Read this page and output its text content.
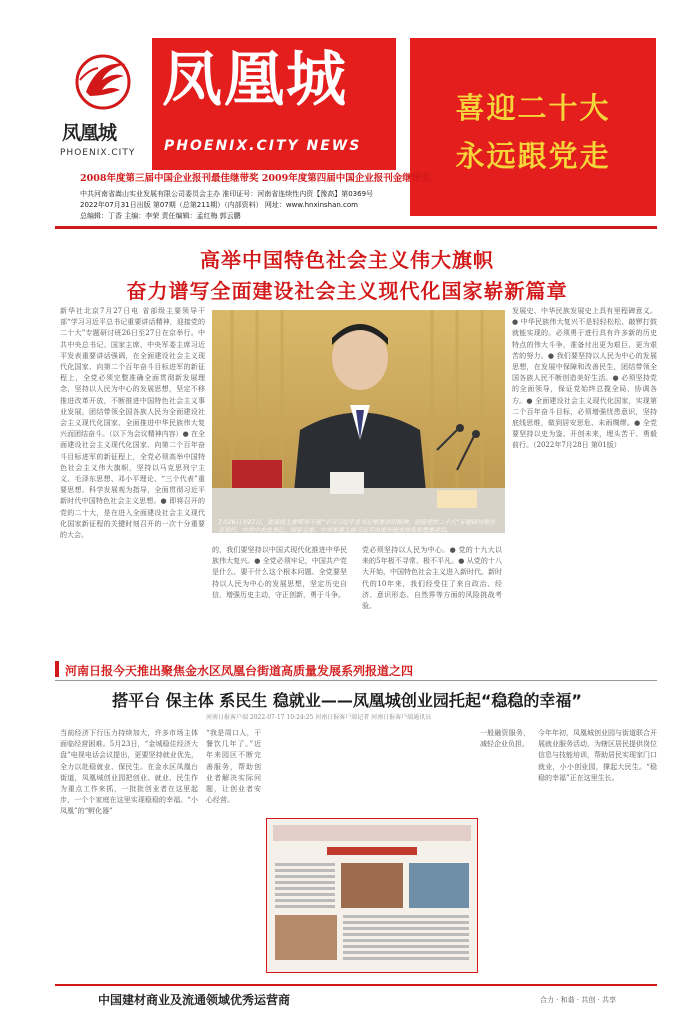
凤凰城
PHOENIX.CITY
凤凰城
PHOENIX.CITY NEWS
喜迎二十大
永远跟党走
2008年度第三届中国企业报刊最佳继带奖 2009年度第四届中国企业报刊金继带奖
中共河南省嵩山实业发展有限公司委员会主办 准印证号：河南省连续性内资【豫高】第0369号
2022年07月31日出版 第07期（总第211期）（内部资料） 网址：www.hnxinshan.com
总编辑：丁香 主编：李荣 责任编辑：孟红梅 郭云鹏
高举中国特色社会主义伟大旗帜
奋力谱写全面建设社会主义现代化国家崭新篇章
新华社北京7月27日电 省部级主要领导干部“学习习近平总书记重要讲话精神，迎接党的二十大”专题研讨班26日至27日在京举行。中共中央总书记、国家主席、中央军委主席习近平发表重要讲话强调，在全面建设社会主义现代化国家、向第二个百年奋斗目标进军的新征程上，全党必须完整准确全面贯彻新发展理念，坚持以人民为中心的发展思想，坚定不移推进改革开放，不断推进中国特色社会主义事业发展，团结带领全国各族人民为全面建设社会主义现代化国家、全面推进中华民族伟大复兴而团结奋斗。（以下为会议精神内容）● 在全面建设社会主义现代化国家、向第二个百年奋斗目标进军的新征程上，全党必须高举中国特色社会主义伟大旗帜，坚持以马克思列宁主义、毛泽东思想、邓小平理论、“三个代表”重要思想、科学发展观为指导，全面贯彻习近平新时代中国特色社会主义思想。● 即将召开的党的二十大，是在进入全面建设社会主义现代化国家新征程的关键时刻召开的一次十分重要的大会。
发展史、中华民族发展史上具有里程碑意义。● 中华民族伟大复兴不是轻轻松松、敲锣打鼓就能实现的。必须勇于进行具有许多新的历史特点的伟大斗争，准备付出更为艰巨、更为艰苦的努力。● 我们要坚持以人民为中心的发展思想，在发展中保障和改善民生，团结带领全国各族人民不断创造美好生活。● 必须坚持党的全面领导，保证党始终总揽全局、协调各方。● 全面建设社会主义现代化国家，实现第二个百年奋斗目标，必须增强忧患意识，坚持底线思维，做到居安思危、未雨绸缪。● 全党要坚持以史为鉴、开创未来，埋头苦干、勇毅前行。（2022年7月28日 第01版）
7月26日至27日，省部级主要领导干部“学习习近平总书记重要讲话精神，迎接党的二十大”专题研讨班在京举行。中共中央总书记、国家主席、中央军委主席习近平出席开班式并发表重要讲话。
的，我们要坚持以中国式现代化推进中华民族伟大复兴。● 全党必须牢记，中国共产党是什么、要干什么这个根本问题。全党要坚持以人民为中心的发展思想，坚定历史自信，增强历史主动，守正创新，勇于斗争。
党必须坚持以人民为中心。● 党的十九大以来的5年极不寻常、极不平凡。● 从党的十八大开始，中国特色社会主义进入新时代。新时代的10年来，我们经受住了来自政治、经济、意识形态、自然界等方面的风险挑战考验。
河南日报今天推出聚焦金水区凤凰台街道高质量发展系列报道之四
搭平台 保主体 系民生 稳就业——凤凰城创业园托起“稳稳的幸福”
河南日报客户端 2022-07-17 10:24:25 河南日报客户端记者 河南日报客户端通讯员
当前经济下行压力持续加大，许多市场主体面临经营困难。5月23日，“金城稳住经济大盘”电视电话会议提出，更要坚持就业优先，全力以赴稳就业、保民生。在金水区凤凰台街道，凤凰城创业园把创业、就业、民生作为重点工作来抓，一批批创业者在这里起步，一个个家庭在这里实现稳稳的幸福。“小凤凰”的“孵化器”
“我是周口人，干餐饮几年了。”近年来园区不断完善服务，帮助创业者解决实际问题，让创业者安心经营。
一般融资服务，减轻企业负担。
今年年初，凤凰城创业园与街道联合开展就业服务活动，为辖区居民提供岗位信息与技能培训，帮助居民实现家门口就业，小小创业园，撑起大民生。“稳稳的幸福”正在这里生长。
中国建材商业及流通领域优秀运营商	合力 · 和谐 · 共创 · 共享
